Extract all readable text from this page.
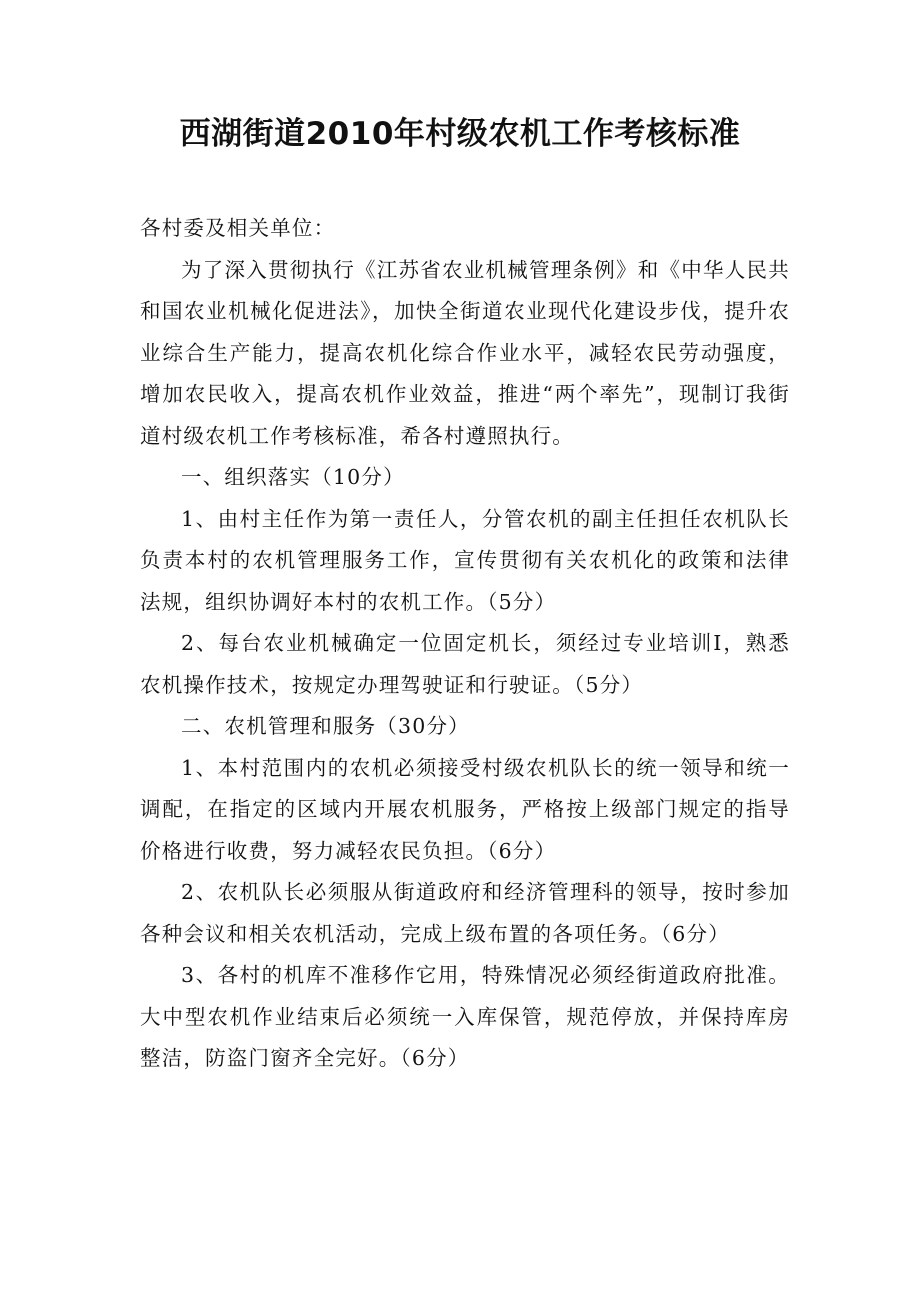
西湖街道2010年村级农机工作考核标准

各村委及相关单位：

为了深入贯彻执行《江苏省农业机械管理条例》和《中华人民共和国农业机械化促进法》，加快全街道农业现代化建设步伐，提升农业综合生产能力，提高农机化综合作业水平，减轻农民劳动强度，增加农民收入，提高农机作业效益，推进“两个率先”，现制订我街道村级农机工作考核标准，希各村遵照执行。

一、组织落实（10分）

1、由村主任作为第一责任人，分管农机的副主任担任农机队长负责本村的农机管理服务工作，宣传贯彻有关农机化的政策和法律法规，组织协调好本村的农机工作。（5分）

2、每台农业机械确定一位固定机长，须经过专业培训I，熟悉农机操作技术，按规定办理驾驶证和行驶证。（5分）

二、农机管理和服务（30分）

1、本村范围内的农机必须接受村级农机队长的统一领导和统一调配，在指定的区域内开展农机服务，严格按上级部门规定的指导价格进行收费，努力减轻农民负担。（6分）

2、农机队长必须服从街道政府和经济管理科的领导，按时参加各种会议和相关农机活动，完成上级布置的各项任务。（6分）

3、各村的机库不准移作它用，特殊情况必须经街道政府批准。大中型农机作业结束后必须统一入库保管，规范停放，并保持库房整洁，防盗门窗齐全完好。（6分）
